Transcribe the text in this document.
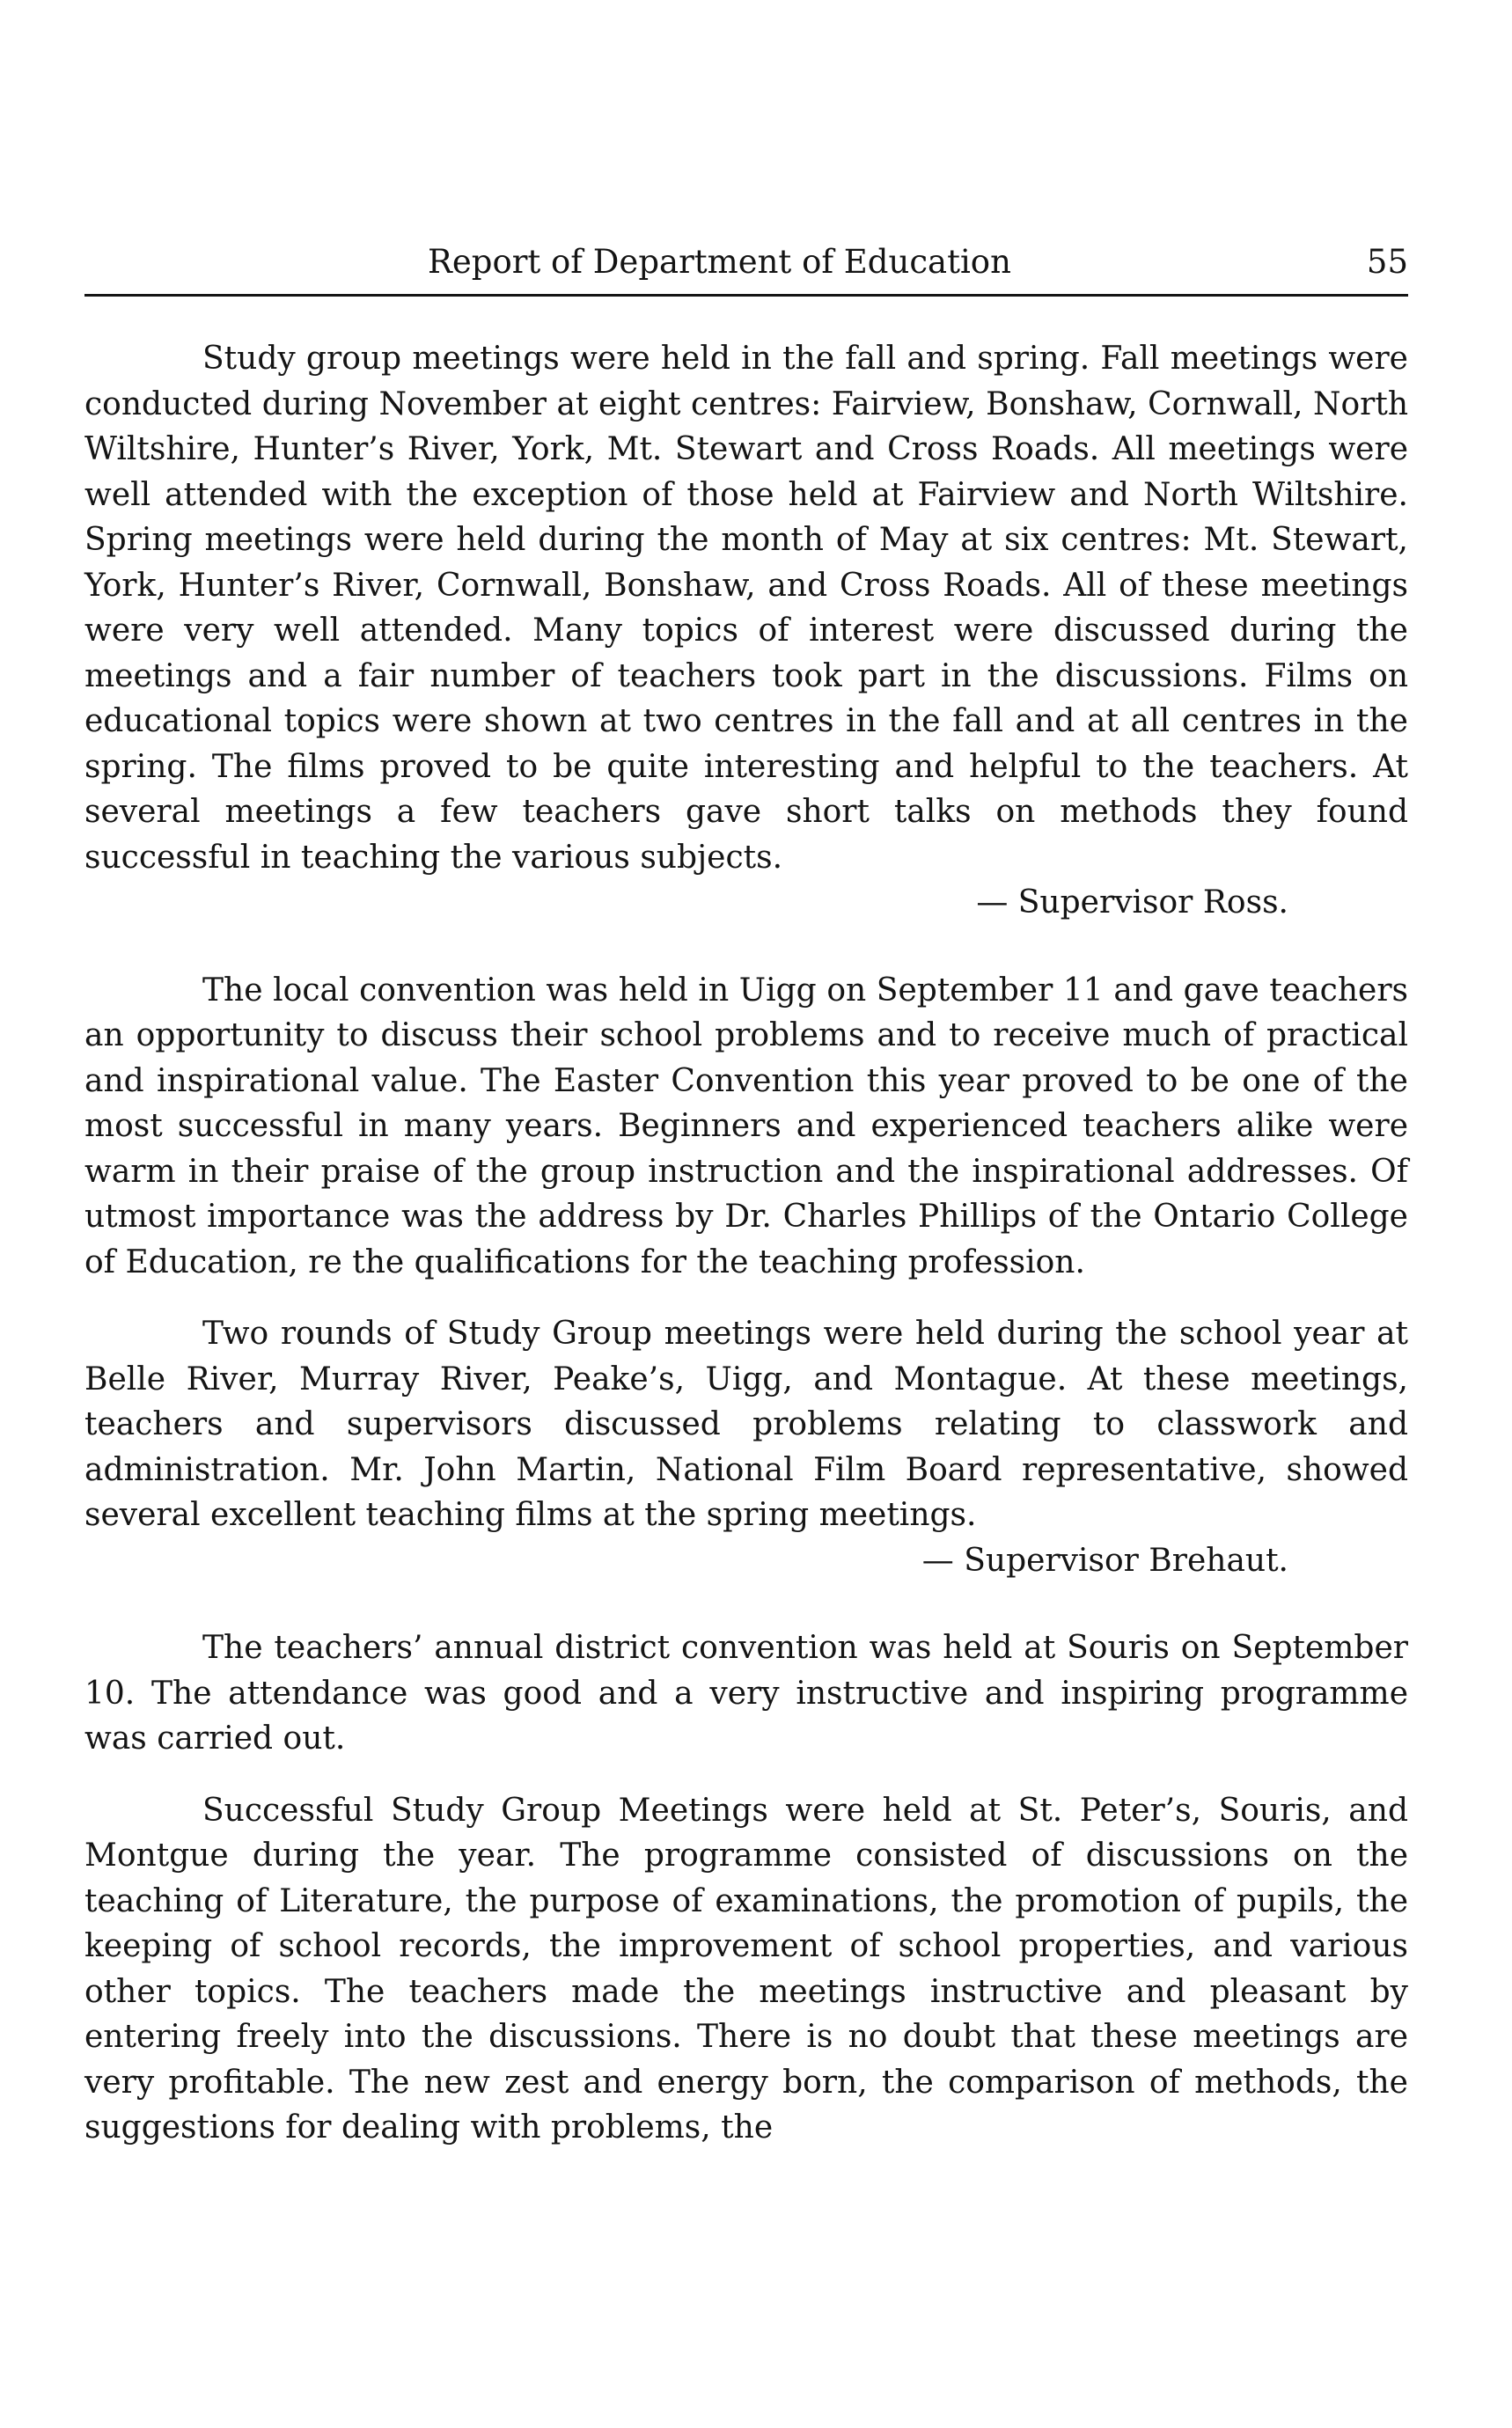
Report of Department of Education	55

Study group meetings were held in the fall and spring. Fall meetings were conducted during November at eight centres: Fairview, Bonshaw, Cornwall, North Wiltshire, Hunter’s River, York, Mt. Stewart and Cross Roads. All meetings were well attended with the exception of those held at Fairview and North Wiltshire. Spring meetings were held during the month of May at six centres: Mt. Stewart, York, Hunter’s River, Cornwall, Bonshaw, and Cross Roads. All of these meetings were very well attended. Many topics of interest were discussed during the meetings and a fair number of teachers took part in the discussions. Films on educational topics were shown at two centres in the fall and at all centres in the spring. The films proved to be quite interesting and helpful to the teachers. At several meetings a few teachers gave short talks on methods they found successful in teaching the various subjects.

— Supervisor Ross.

The local convention was held in Uigg on September 11 and gave teachers an opportunity to discuss their school problems and to receive much of practical and inspirational value. The Easter Convention this year proved to be one of the most successful in many years. Beginners and experienced teachers alike were warm in their praise of the group instruction and the inspirational addresses. Of utmost importance was the address by Dr. Charles Phillips of the Ontario College of Education, re the qualifications for the teaching profession.

Two rounds of Study Group meetings were held during the school year at Belle River, Murray River, Peake’s, Uigg, and Montague. At these meetings, teachers and supervisors discussed problems relating to classwork and administration. Mr. John Martin, National Film Board representative, showed several excellent teaching films at the spring meetings.

— Supervisor Brehaut.

The teachers’ annual district convention was held at Souris on September 10. The attendance was good and a very instructive and inspiring programme was carried out.

Successful Study Group Meetings were held at St. Peter’s, Souris, and Montgue during the year. The programme consisted of discussions on the teaching of Literature, the purpose of examinations, the promotion of pupils, the keeping of school records, the improvement of school properties, and various other topics. The teachers made the meetings instructive and pleasant by entering freely into the discussions. There is no doubt that these meetings are very profitable. The new zest and energy born, the comparison of methods, the suggestions for dealing with problems, the
